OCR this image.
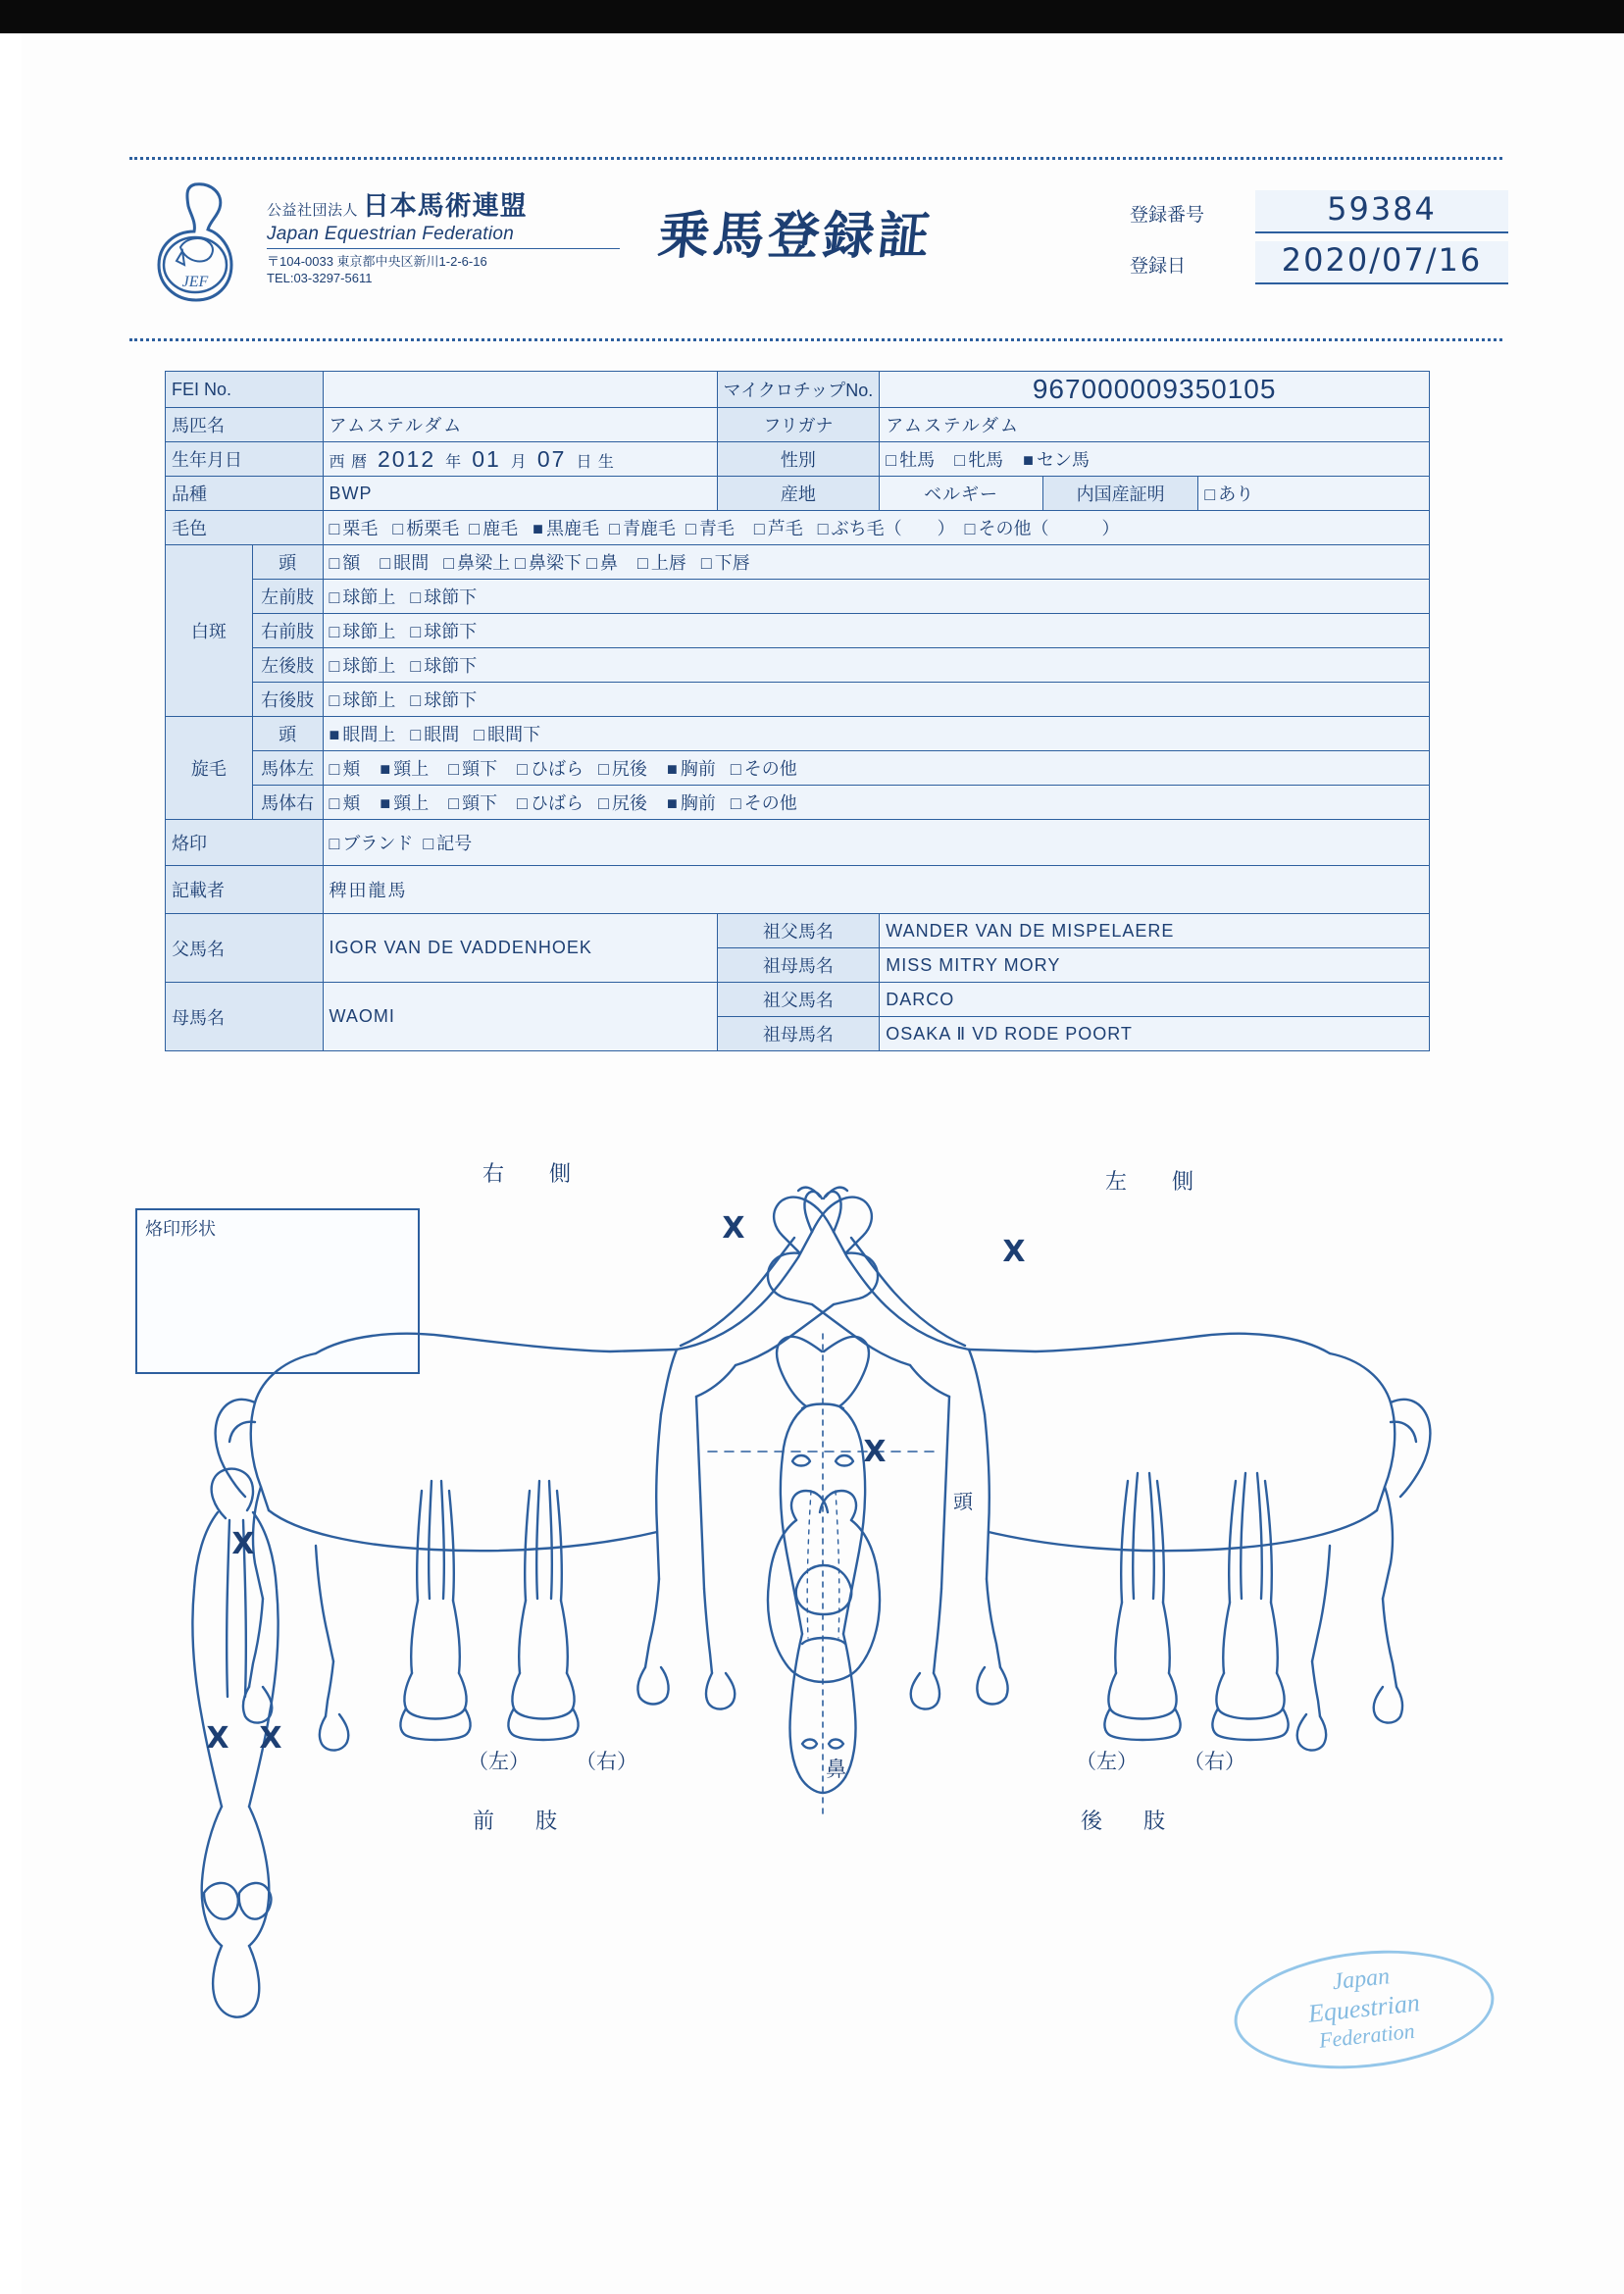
JEF
公益社団法人 日本馬術連盟
Japan Equestrian Federation
〒104-0033 東京都中央区新川1-2-6-16
TEL:03-3297-5611
乗馬登録証	登録番号	59384
登録日	2020/07/16
FEI No.			マイクロチップNo.	967000009350105		
馬匹名		アムステルダム	フリガナ	アムステルダム		
生年月日		西 暦 2012 年 01 月 07 日 生	性別	□ 牡馬 □ 牝馬 ■ セン馬		
品種		BWP	産地	ベルギー	内国産証明	□ あり
毛色		□ 栗毛 □ 栃栗毛 □ 鹿毛 ■ 黒鹿毛 □ 青鹿毛 □ 青毛 □ 芦毛 □ ぶち毛（　　） □ その他（　　　）				
白斑	頭	□ 額 □ 眼間 □ 鼻梁上 □ 鼻梁下 □ 鼻 □ 上唇 □ 下唇				
	左前肢	□ 球節上 □ 球節下				
	右前肢	□ 球節上 □ 球節下				
	左後肢	□ 球節上 □ 球節下				
	右後肢	□ 球節上 □ 球節下				
旋毛	頭	■ 眼間上 □ 眼間 □ 眼間下				
	馬体左	□ 頬 ■ 頸上 □ 頸下 □ ひばら □ 尻後 ■ 胸前 □ その他				
	馬体右	□ 頬 ■ 頸上 □ 頸下 □ ひばら □ 尻後 ■ 胸前 □ その他				
烙印		□ ブランド □ 記号				
記載者		稗田龍馬				
父馬名		IGOR VAN DE VADDENHOEK	祖父馬名	WANDER VAN DE MISPELAERE		
			祖母馬名	MISS MITRY MORY		
母馬名		WAOMI	祖父馬名	DARCO		
			祖母馬名	OSAKA Ⅱ VD RODE POORT		
烙印形状	X
X
X
X
X X
右　側	左　側
頭
（左） （右）
前　肢
鼻	（左） （右）
後　肢
Japan
Equestrian
Federation
